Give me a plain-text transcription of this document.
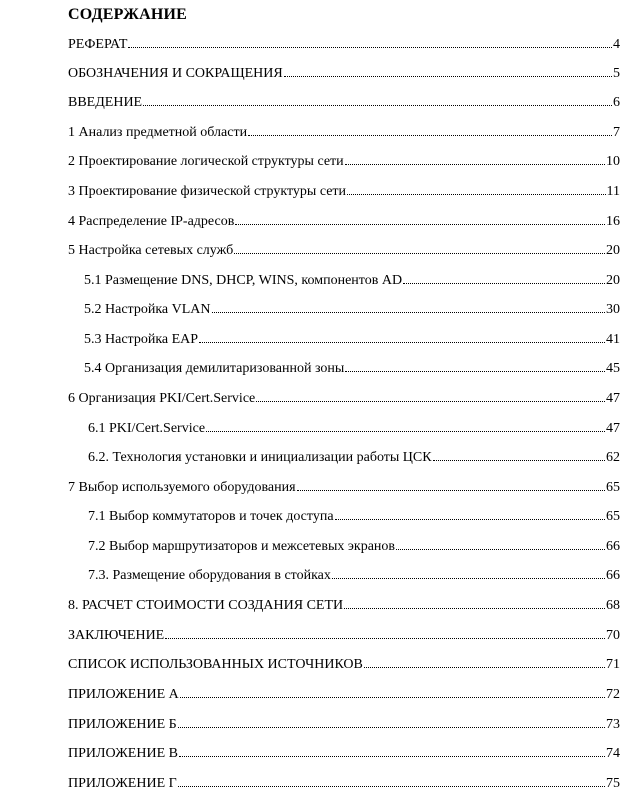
СОДЕРЖАНИЕ
РЕФЕРАТ	4
ОБОЗНАЧЕНИЯ И СОКРАЩЕНИЯ	5
ВВЕДЕНИЕ	6
1 Анализ предметной области	7
2 Проектирование логической структуры сети	10
3 Проектирование физической структуры сети	11
4 Распределение IP-адресов	16
5 Настройка сетевых служб	20
5.1 Размещение DNS, DHCP, WINS, компонентов AD	20
5.2 Настройка VLAN	30
5.3 Настройка EAP	41
5.4 Организация демилитаризованной зоны	45
6 Организация PKI/Cert.Service	47
6.1 PKI/Cert.Service	47
6.2. Технология установки и инициализации работы ЦСК	62
7 Выбор используемого оборудования	65
7.1 Выбор коммутаторов и точек доступа	65
7.2 Выбор маршрутизаторов и межсетевых экранов	66
7.3. Размещение оборудования в стойках	66
8. РАСЧЕТ СТОИМОСТИ СОЗДАНИЯ СЕТИ	68
ЗАКЛЮЧЕНИЕ	70
СПИСОК ИСПОЛЬЗОВАННЫХ ИСТОЧНИКОВ	71
ПРИЛОЖЕНИЕ А	72
ПРИЛОЖЕНИЕ Б	73
ПРИЛОЖЕНИЕ В	74
ПРИЛОЖЕНИЕ Г	75
